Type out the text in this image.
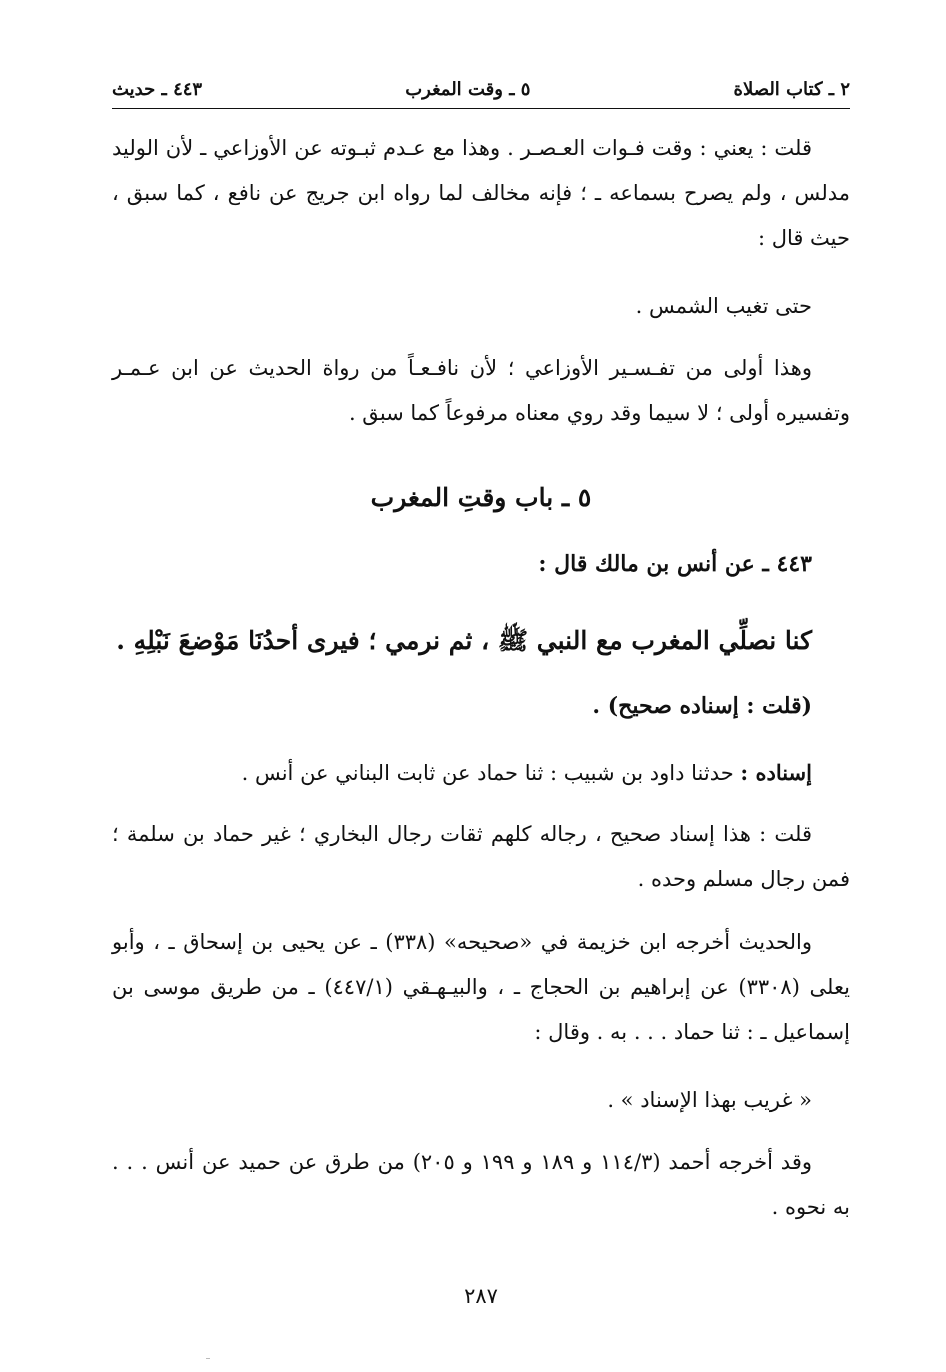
٢ ـ كتاب الصلاة
٥ ـ وقت المغرب
٤٤٣ ـ حديث

قلت : يعني : وقت فـوات العـصـر . وهذا مع عـدم ثبـوته عن الأوزاعي ـ لأن الوليد مدلس ، ولم يصرح بسماعه ـ ؛ فإنه مخالف لما رواه ابن جريج عن نافع ، كما سبق ، حيث قال :

حتى تغيب الشمس .

وهذا أولى من تفـسـير الأوزاعي ؛ لأن نافـعـاً من رواة الحديث عن ابن عـمـر وتفسيره أولى ؛ لا سيما وقد روي معناه مرفوعاً كما سبق .

٥ ـ باب وقتِ المغرب

٤٤٣ ـ عن أنس بن مالك قال :

كنا نصلِّي المغرب مع النبي ﷺ ، ثم نرمي ؛ فيرى أحدُنَا مَوْضعَ نَبْلِهِ .

(قلت : إسناده صحيح) .

إسناده : حدثنا داود بن شبيب : ثنا حماد عن ثابت البناني عن أنس .

قلت : هذا إسناد صحيح ، رجاله كلهم ثقات رجال البخاري ؛ غير حماد بن سلمة ؛ فمن رجال مسلم وحده .

والحديث أخرجه ابن خزيمة في «صحيحه» (٣٣٨) ـ عن يحيى بن إسحاق ـ ، وأبو يعلى (٣٣٠٨) عن إبراهيم بن الحجاج ـ ، والبيـهـقي (٤٤٧/١) ـ من طريق موسى بن إسماعيل ـ : ثنا حماد . . . به . وقال :

« غريب بهذا الإسناد » .

وقد أخرجه أحمد (١١٤/٣ و ١٨٩ و ١٩٩ و ٢٠٥) من طرق عن حميد عن أنس . . . به نحوه .

٢٨٧
